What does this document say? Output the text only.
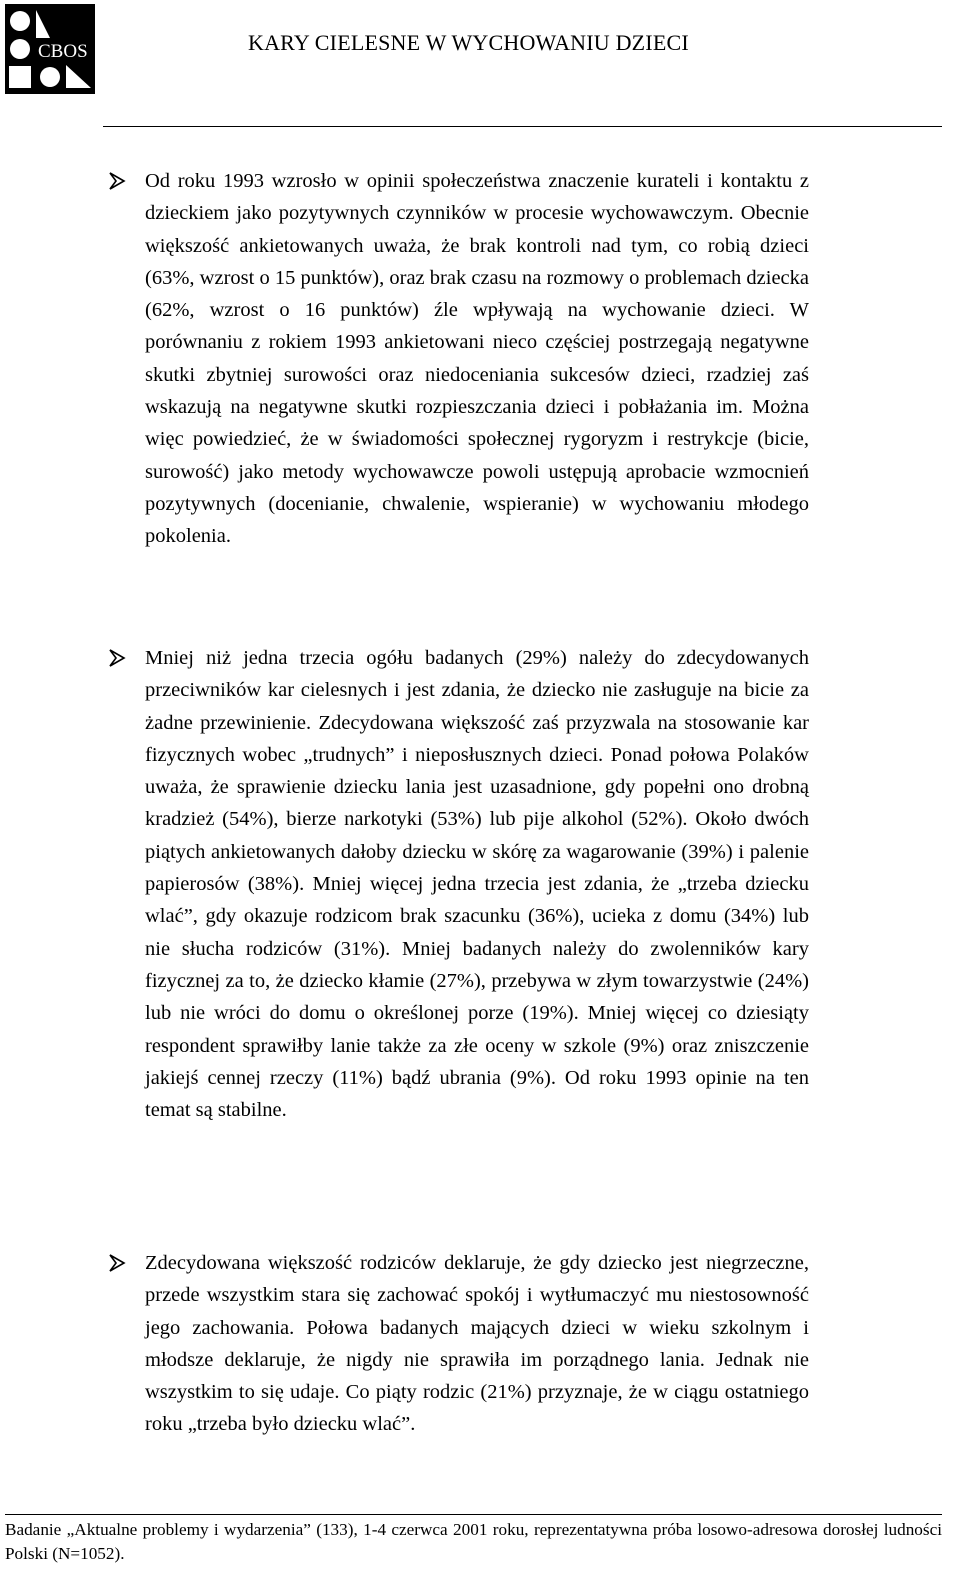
CBOS	KARY CIELESNE W WYCHOWANIU DZIECI

Od roku 1993 wzrosło w opinii społeczeństwa znaczenie kurateli i kontaktu z dzieckiem jako pozytywnych czynników w procesie wychowawczym. Obecnie większość ankietowanych uważa, że brak kontroli nad tym, co robią dzieci (63%, wzrost o 15 punktów), oraz brak czasu na rozmowy o problemach dziecka (62%, wzrost o 16 punktów) źle wpływają na wychowanie dzieci. W porównaniu z rokiem 1993 ankietowani nieco częściej postrzegają negatywne skutki zbytniej surowości oraz niedoceniania sukcesów dzieci, rzadziej zaś wskazują na negatywne skutki rozpieszczania dzieci i pobłażania im. Można więc powiedzieć, że w świadomości społecznej rygoryzm i restrykcje (bicie, surowość) jako metody wychowawcze powoli ustępują aprobacie wzmocnień pozytywnych (docenianie, chwalenie, wspieranie) w wychowaniu młodego pokolenia.

Mniej niż jedna trzecia ogółu badanych (29%) należy do zdecydowanych przeciwników kar cielesnych i jest zdania, że dziecko nie zasługuje na bicie za żadne przewinienie. Zdecydowana większość zaś przyzwala na stosowanie kar fizycznych wobec „trudnych” i nieposłusznych dzieci. Ponad połowa Polaków uważa, że sprawienie dziecku lania jest uzasadnione, gdy popełni ono drobną kradzież (54%), bierze narkotyki (53%) lub pije alkohol (52%). Około dwóch piątych ankietowanych dałoby dziecku w skórę za wagarowanie (39%) i palenie papierosów (38%). Mniej więcej jedna trzecia jest zdania, że „trzeba dziecku wlać”, gdy okazuje rodzicom brak szacunku (36%), ucieka z domu (34%) lub nie słucha rodziców (31%). Mniej badanych należy do zwolenników kary fizycznej za to, że dziecko kłamie (27%), przebywa w złym towarzystwie (24%) lub nie wróci do domu o określonej porze (19%). Mniej więcej co dziesiąty respondent sprawiłby lanie także za złe oceny w szkole (9%) oraz zniszczenie jakiejś cennej rzeczy (11%) bądź ubrania (9%). Od roku 1993 opinie na ten temat są stabilne.

Zdecydowana większość rodziców deklaruje, że gdy dziecko jest niegrzeczne, przede wszystkim stara się zachować spokój i wytłumaczyć mu niestosowność jego zachowania. Połowa badanych mających dzieci w wieku szkolnym i młodsze deklaruje, że nigdy nie sprawiła im porządnego lania. Jednak nie wszystkim to się udaje. Co piąty rodzic (21%) przyznaje, że w ciągu ostatniego roku „trzeba było dziecku wlać”.

Badanie „Aktualne problemy i wydarzenia” (133), 1-4 czerwca 2001 roku, reprezentatywna próba losowo-adresowa dorosłej ludności Polski (N=1052).
